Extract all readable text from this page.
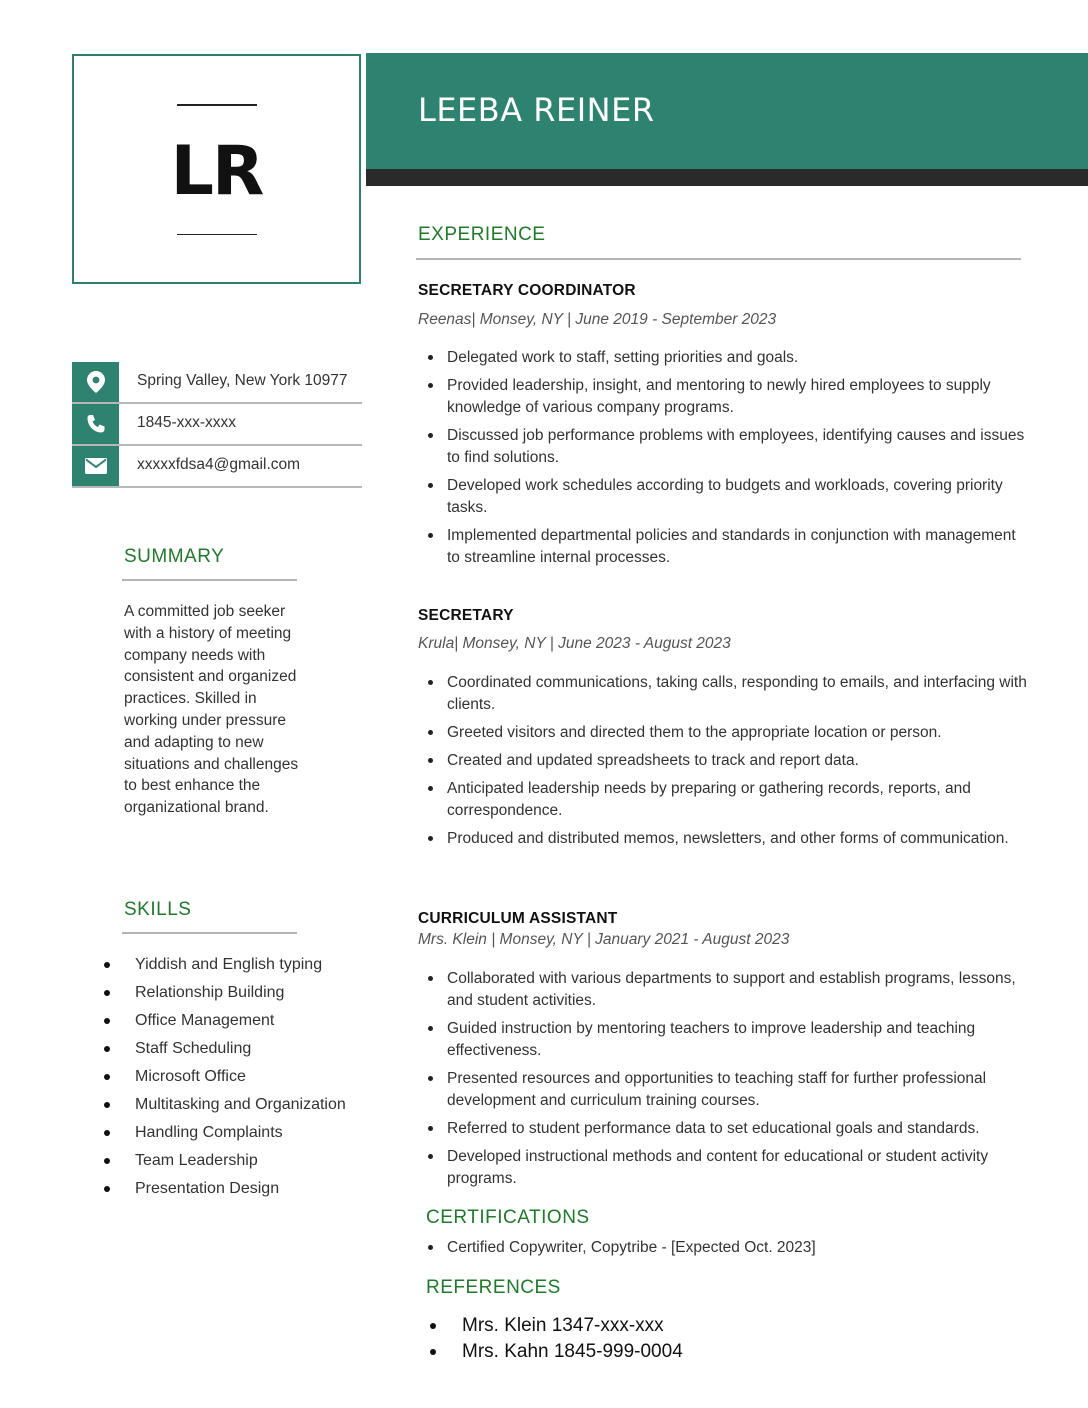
LR
LEEBA REINER
Spring Valley, New York 10977
1845-xxx-xxxx
xxxxxfdsa4@gmail.com
SUMMARY
A committed job seeker with a history of meeting company needs with consistent and organized practices. Skilled in working under pressure and adapting to new situations and challenges to best enhance the organizational brand.
SKILLS
Yiddish and English typing
Relationship Building
Office Management
Staff Scheduling
Microsoft Office
Multitasking and Organization
Handling Complaints
Team Leadership
Presentation Design
EXPERIENCE
SECRETARY COORDINATOR
Reenas| Monsey, NY | June 2019 - September 2023
Delegated work to staff, setting priorities and goals.
Provided leadership, insight, and mentoring to newly hired employees to supply knowledge of various company programs.
Discussed job performance problems with employees, identifying causes and issues to find solutions.
Developed work schedules according to budgets and workloads, covering priority tasks.
Implemented departmental policies and standards in conjunction with management to streamline internal processes.
SECRETARY
Krula| Monsey, NY | June 2023 - August 2023
Coordinated communications, taking calls, responding to emails, and interfacing with clients.
Greeted visitors and directed them to the appropriate location or person.
Created and updated spreadsheets to track and report data.
Anticipated leadership needs by preparing or gathering records, reports, and correspondence.
Produced and distributed memos, newsletters, and other forms of communication.
CURRICULUM ASSISTANT
Mrs. Klein | Monsey, NY | January 2021 - August 2023
Collaborated with various departments to support and establish programs, lessons, and student activities.
Guided instruction by mentoring teachers to improve leadership and teaching effectiveness.
Presented resources and opportunities to teaching staff for further professional development and curriculum training courses.
Referred to student performance data to set educational goals and standards.
Developed instructional methods and content for educational or student activity programs.
CERTIFICATIONS
Certified Copywriter, Copytribe - [Expected Oct. 2023]
REFERENCES
Mrs. Klein 1347-xxx-xxx
Mrs. Kahn 1845-999-0004
